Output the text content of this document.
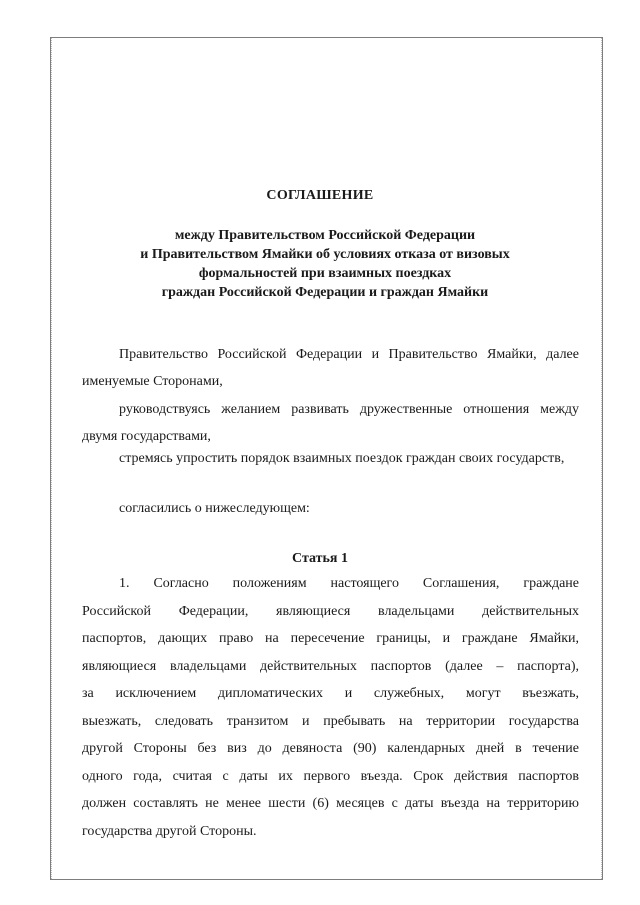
СОГЛАШЕНИЕ
между Правительством Российской Федерации
и Правительством Ямайки об условиях отказа от визовых
формальностей при взаимных поездках
граждан Российской Федерации и граждан Ямайки

Правительство Российской Федерации и Правительство Ямайки, далее именуемые Сторонами,

руководствуясь желанием развивать дружественные отношения между двумя государствами,

стремясь упростить порядок взаимных поездок граждан своих государств,

согласились о нижеследующем:

Статья 1
1. Согласно положениям настоящего Соглашения, граждане
Российской Федерации, являющиеся владельцами действительных
паспортов, дающих право на пересечение границы, и граждане Ямайки,
являющиеся владельцами действительных паспортов (далее – паспорта),
за исключением дипломатических и служебных, могут въезжать,
выезжать, следовать транзитом и пребывать на территории государства
другой Стороны без виз до девяноста (90) календарных дней в течение
одного года, считая с даты их первого въезда. Срок действия паспортов
должен составлять не менее шести (6) месяцев с даты въезда на территорию
государства другой Стороны.
